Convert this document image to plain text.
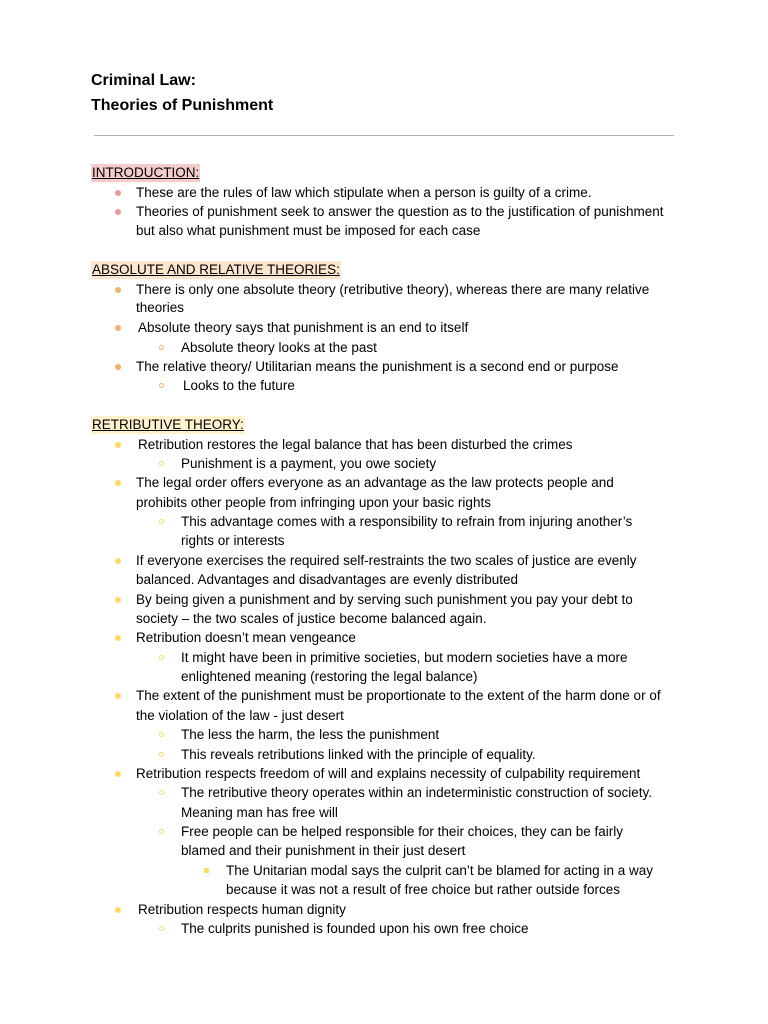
Criminal Law:
Theories of Punishment
INTRODUCTION:
These are the rules of law which stipulate when a person is guilty of a crime.
Theories of punishment seek to answer the question as to the justification of punishment
but also what punishment must be imposed for each case
ABSOLUTE AND RELATIVE THEORIES:
There is only one absolute theory (retributive theory), whereas there are many relative
theories
Absolute theory says that punishment is an end to itself
Absolute theory looks at the past
The relative theory/ Utilitarian means the punishment is a second end or purpose
Looks to the future
RETRIBUTIVE THEORY:
Retribution restores the legal balance that has been disturbed the crimes
Punishment is a payment, you owe society
The legal order offers everyone as an advantage as the law protects people and
prohibits other people from infringing upon your basic rights
This advantage comes with a responsibility to refrain from injuring another’s
rights or interests
If everyone exercises the required self-restraints the two scales of justice are evenly
balanced. Advantages and disadvantages are evenly distributed
By being given a punishment and by serving such punishment you pay your debt to
society – the two scales of justice become balanced again.
Retribution doesn’t mean vengeance
It might have been in primitive societies, but modern societies have a more
enlightened meaning (restoring the legal balance)
The extent of the punishment must be proportionate to the extent of the harm done or of
the violation of the law - just desert
The less the harm, the less the punishment
This reveals retributions linked with the principle of equality.
Retribution respects freedom of will and explains necessity of culpability requirement
The retributive theory operates within an indeterministic construction of society.
Meaning man has free will
Free people can be helped responsible for their choices, they can be fairly
blamed and their punishment in their just desert
The Unitarian modal says the culprit can’t be blamed for acting in a way
because it was not a result of free choice but rather outside forces
Retribution respects human dignity
The culprits punished is founded upon his own free choice
